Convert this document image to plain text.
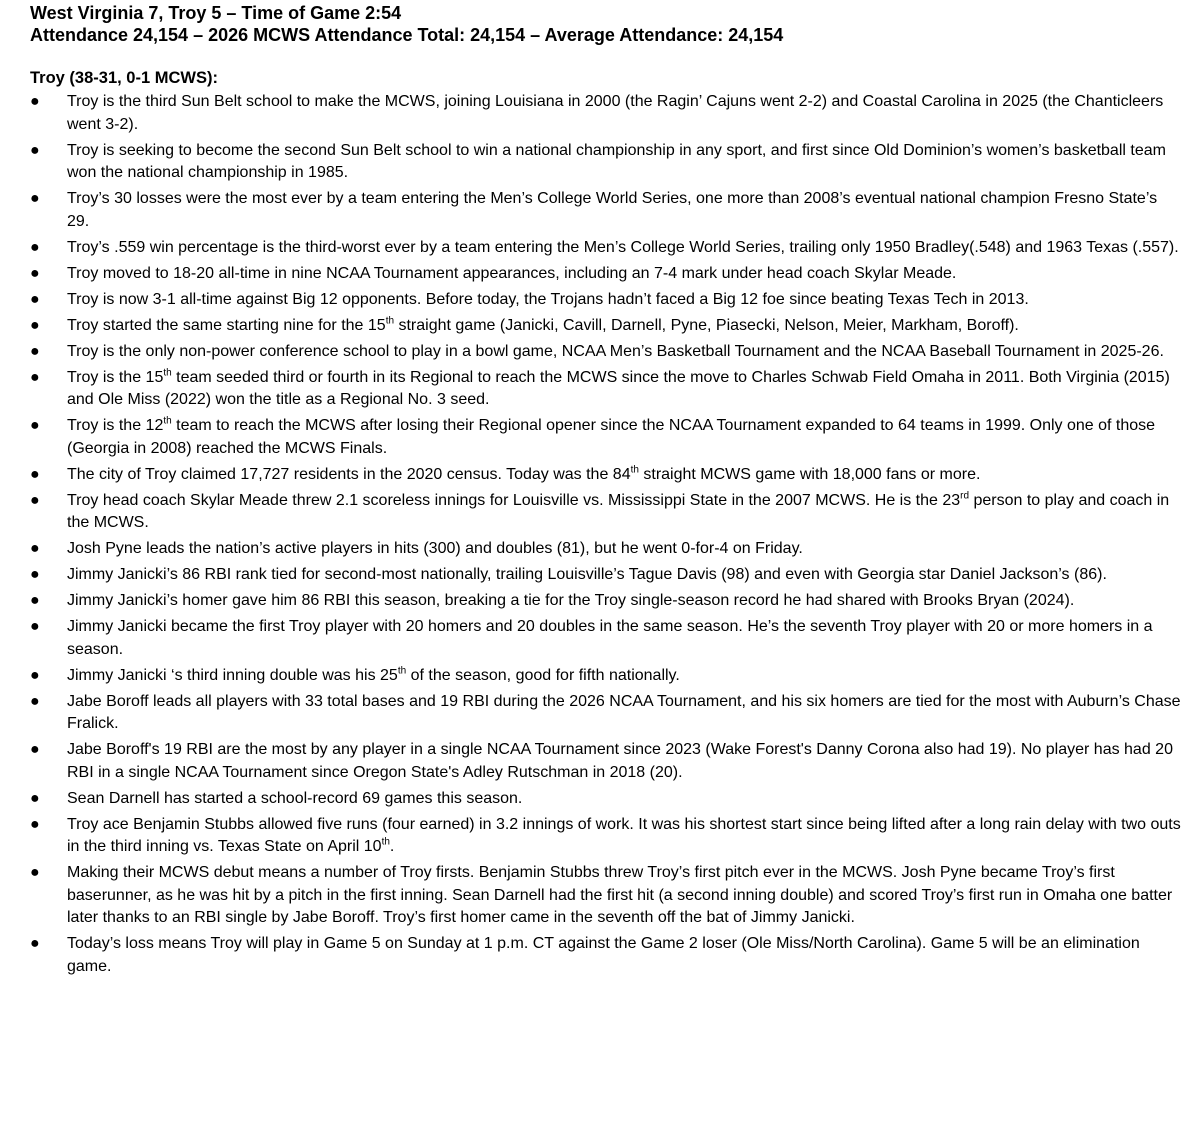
West Virginia 7, Troy 5 – Time of Game 2:54
Attendance 24,154 – 2026 MCWS Attendance Total: 24,154 – Average Attendance: 24,154
Troy (38-31, 0-1 MCWS):
● Troy is the third Sun Belt school to make the MCWS, joining Louisiana in 2000 (the Ragin’ Cajuns went 2-2) and Coastal Carolina in 2025 (the Chanticleers went 3-2).
● Troy is seeking to become the second Sun Belt school to win a national championship in any sport, and first since Old Dominion’s women’s basketball team won the national championship in 1985.
● Troy’s 30 losses were the most ever by a team entering the Men’s College World Series, one more than 2008’s eventual national champion Fresno State’s 29.
● Troy’s .559 win percentage is the third-worst ever by a team entering the Men’s College World Series, trailing only 1950 Bradley(.548) and 1963 Texas (.557).
● Troy moved to 18-20 all-time in nine NCAA Tournament appearances, including an 7-4 mark under head coach Skylar Meade.
● Troy is now 3-1 all-time against Big 12 opponents. Before today, the Trojans hadn’t faced a Big 12 foe since beating Texas Tech in 2013.
● Troy started the same starting nine for the 15th straight game (Janicki, Cavill, Darnell, Pyne, Piasecki, Nelson, Meier, Markham, Boroff).
● Troy is the only non-power conference school to play in a bowl game, NCAA Men’s Basketball Tournament and the NCAA Baseball Tournament in 2025-26.
● Troy is the 15th team seeded third or fourth in its Regional to reach the MCWS since the move to Charles Schwab Field Omaha in 2011. Both Virginia (2015) and Ole Miss (2022) won the title as a Regional No. 3 seed.
● Troy is the 12th team to reach the MCWS after losing their Regional opener since the NCAA Tournament expanded to 64 teams in 1999. Only one of those (Georgia in 2008) reached the MCWS Finals.
● The city of Troy claimed 17,727 residents in the 2020 census. Today was the 84th straight MCWS game with 18,000 fans or more.
● Troy head coach Skylar Meade threw 2.1 scoreless innings for Louisville vs. Mississippi State in the 2007 MCWS. He is the 23rd person to play and coach in the MCWS.
● Josh Pyne leads the nation’s active players in hits (300) and doubles (81), but he went 0-for-4 on Friday.
● Jimmy Janicki’s 86 RBI rank tied for second-most nationally, trailing Louisville’s Tague Davis (98) and even with Georgia star Daniel Jackson’s (86).
● Jimmy Janicki’s homer gave him 86 RBI this season, breaking a tie for the Troy single-season record he had shared with Brooks Bryan (2024).
● Jimmy Janicki became the first Troy player with 20 homers and 20 doubles in the same season. He’s the seventh Troy player with 20 or more homers in a season.
● Jimmy Janicki ‘s third inning double was his 25th of the season, good for fifth nationally.
● Jabe Boroff leads all players with 33 total bases and 19 RBI during the 2026 NCAA Tournament, and his six homers are tied for the most with Auburn’s Chase Fralick.
● Jabe Boroff's 19 RBI are the most by any player in a single NCAA Tournament since 2023 (Wake Forest's Danny Corona also had 19). No player has had 20 RBI in a single NCAA Tournament since Oregon State's Adley Rutschman in 2018 (20).
● Sean Darnell has started a school-record 69 games this season.
● Troy ace Benjamin Stubbs allowed five runs (four earned) in 3.2 innings of work. It was his shortest start since being lifted after a long rain delay with two outs in the third inning vs. Texas State on April 10th.
● Making their MCWS debut means a number of Troy firsts. Benjamin Stubbs threw Troy’s first pitch ever in the MCWS. Josh Pyne became Troy’s first baserunner, as he was hit by a pitch in the first inning. Sean Darnell had the first hit (a second inning double) and scored Troy’s first run in Omaha one batter later thanks to an RBI single by Jabe Boroff. Troy’s first homer came in the seventh off the bat of Jimmy Janicki.
● Today’s loss means Troy will play in Game 5 on Sunday at 1 p.m. CT against the Game 2 loser (Ole Miss/North Carolina). Game 5 will be an elimination game.
